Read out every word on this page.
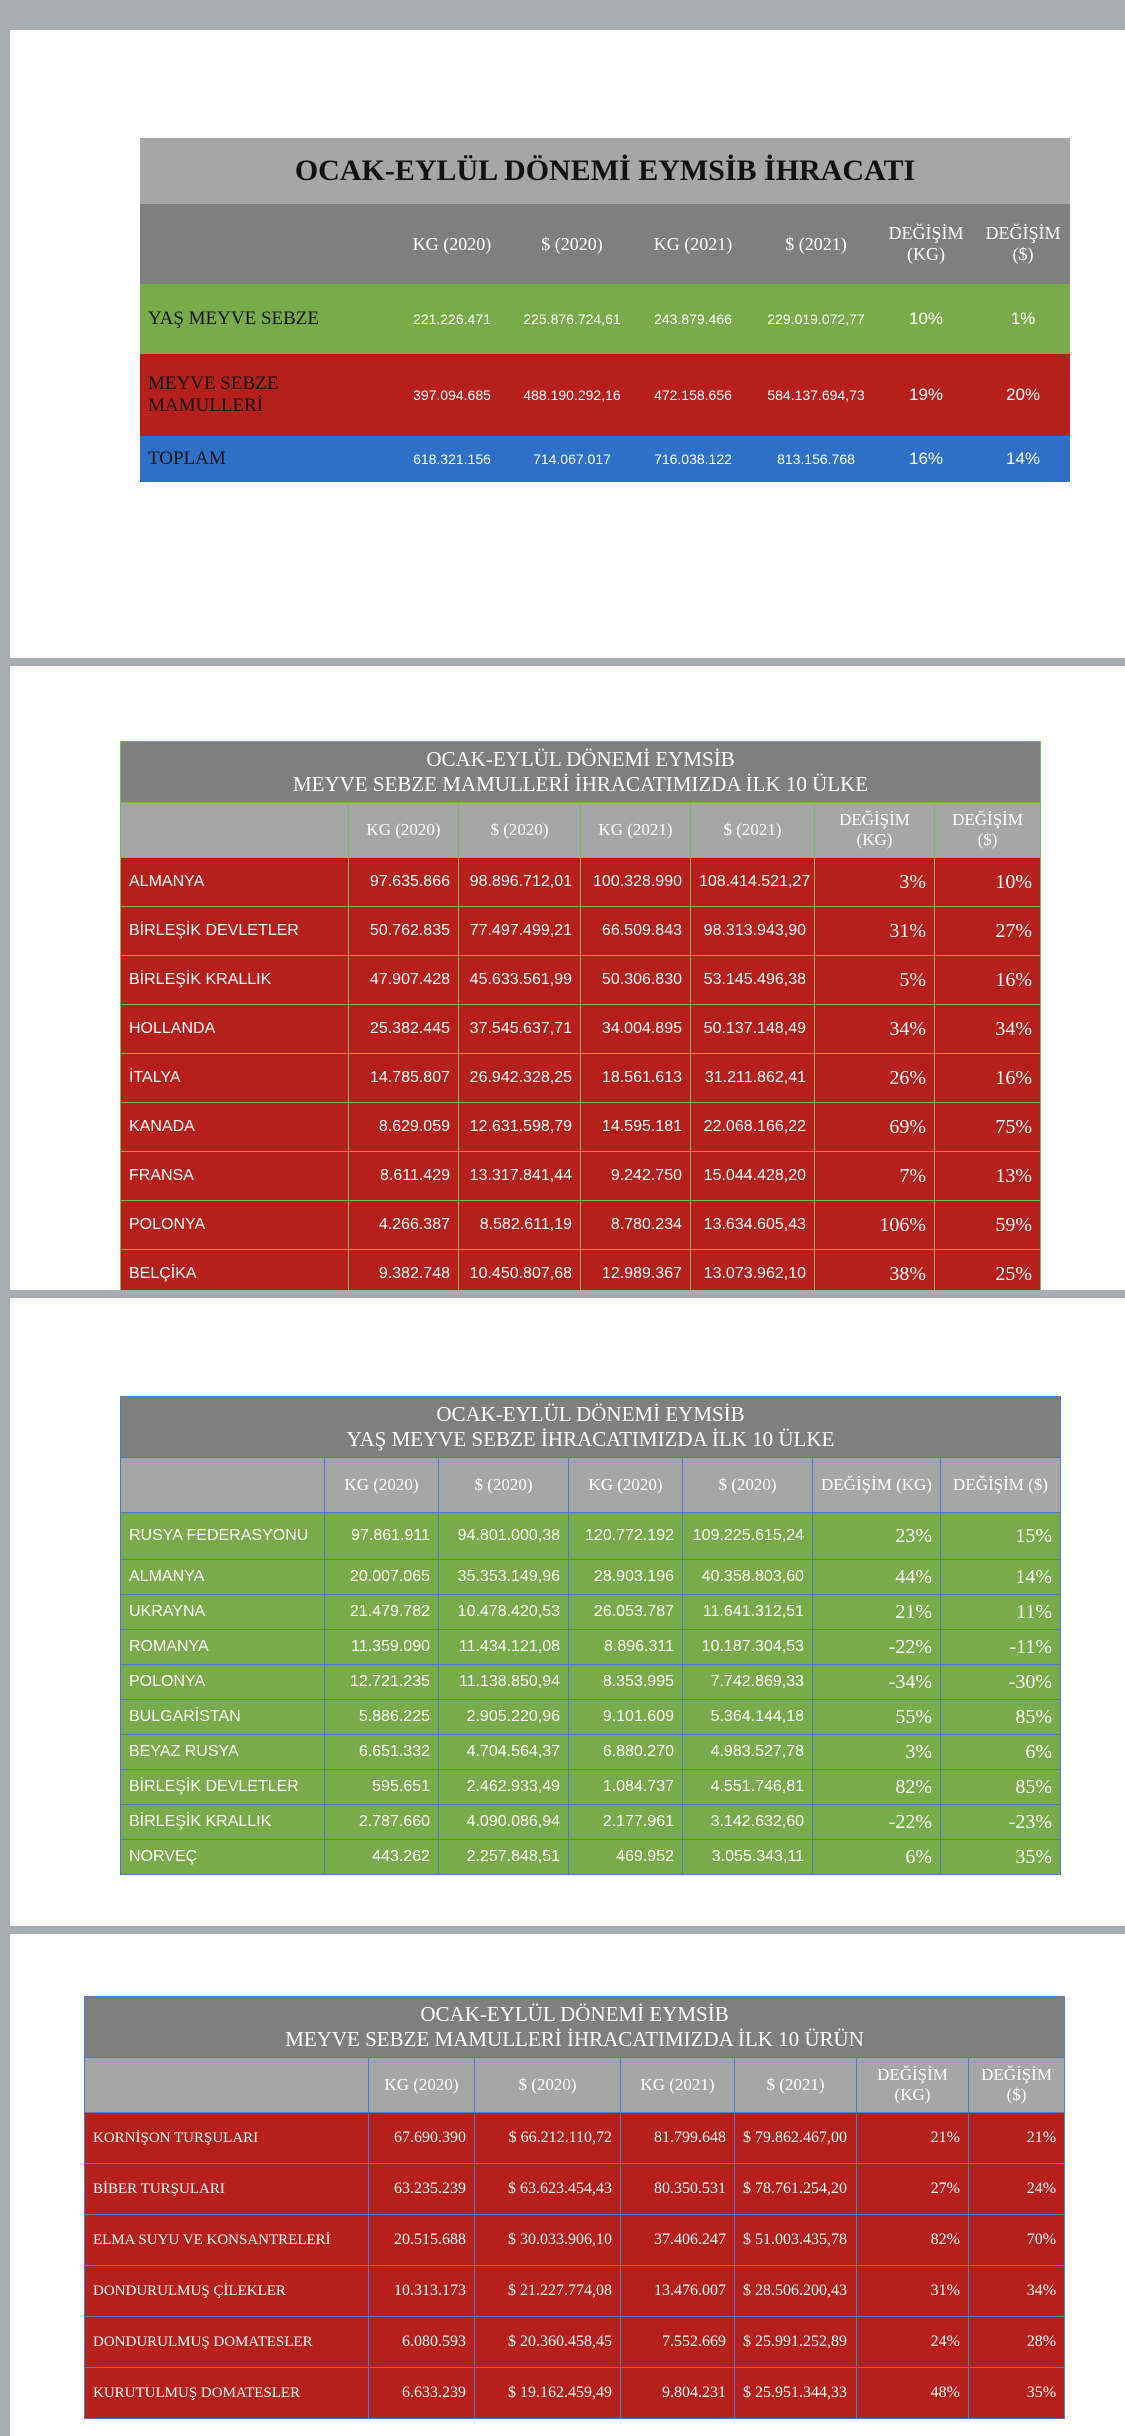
OCAK-EYLÜL DÖNEMİ EYMSİB İHRACATI						
	KG (2020)	$ (2020)	KG (2021)	$ (2021)	DEĞİŞİM (KG)	DEĞİŞİM ($)
YAŞ MEYVE SEBZE	221.226.471	225.876.724,61	243.879.466	229.019.072,77	10%	1%
MEYVE SEBZE MAMULLERİ	397.094.685	488.190.292,16	472.158.656	584.137.694,73	19%	20%
TOPLAM	618.321.156	714.067.017	716.038.122	813.156.768	16%	14%
OCAK-EYLÜL DÖNEMİ EYMSİB
MEYVE SEBZE MAMULLERİ İHRACATIMIZDA İLK 10 ÜLKE						
	KG (2020)	$ (2020)	KG (2021)	$ (2021)	DEĞİŞİM (KG)	DEĞİŞİM ($)
ALMANYA	97.635.866	98.896.712,01	100.328.990	108.414.521,27	3%	10%
BİRLEŞİK DEVLETLER	50.762.835	77.497.499,21	66.509.843	98.313.943,90	31%	27%
BİRLEŞİK KRALLIK	47.907.428	45.633.561,99	50.306.830	53.145.496,38	5%	16%
HOLLANDA	25.382.445	37.545.637,71	34.004.895	50.137.148,49	34%	34%
İTALYA	14.785.807	26.942.328,25	18.561.613	31.211.862,41	26%	16%
KANADA	8.629.059	12.631.598,79	14.595.181	22.068.166,22	69%	75%
FRANSA	8.611.429	13.317.841,44	9.242.750	15.044.428,20	7%	13%
POLONYA	4.266.387	8.582.611,19	8.780.234	13.634.605,43	106%	59%
BELÇİKA	9.382.748	10.450.807,68	12.989.367	13.073.962,10	38%	25%
OCAK-EYLÜL DÖNEMİ EYMSİB
YAŞ MEYVE SEBZE İHRACATIMIZDA İLK 10 ÜLKE						
	KG (2020)	$ (2020)	KG (2020)	$ (2020)	DEĞİŞİM (KG)	DEĞİŞİM ($)
RUSYA FEDERASYONU	97.861.911	94.801.000,38	120.772.192	109.225.615,24	23%	15%
ALMANYA	20.007.065	35.353.149,96	28.903.196	40.358.803,60	44%	14%
UKRAYNA	21.479.782	10.478.420,53	26.053.787	11.641.312,51	21%	11%
ROMANYA	11.359.090	11.434.121,08	8.896.311	10.187.304,53	-22%	-11%
POLONYA	12.721.235	11.138.850,94	8.353.995	7.742.869,33	-34%	-30%
BULGARİSTAN	5.886.225	2.905.220,96	9.101.609	5.364.144,18	55%	85%
BEYAZ RUSYA	6.651.332	4.704.564,37	6.880.270	4.983.527,78	3%	6%
BİRLEŞİK DEVLETLER	595.651	2.462.933,49	1.084.737	4.551.746,81	82%	85%
BİRLEŞİK KRALLIK	2.787.660	4.090.086,94	2.177.961	3.142.632,60	-22%	-23%
NORVEÇ	443.262	2.257.848,51	469.952	3.055.343,11	6%	35%
OCAK-EYLÜL DÖNEMİ EYMSİB
MEYVE SEBZE MAMULLERİ İHRACATIMIZDA İLK 10 ÜRÜN						
	KG (2020)	$ (2020)	KG (2021)	$ (2021)	DEĞİŞİM (KG)	DEĞİŞİM ($)
KORNİŞON TURŞULARI	67.690.390	$ 66.212.110,72	81.799.648	$ 79.862.467,00	21%	21%
BİBER TURŞULARI	63.235.239	$ 63.623.454,43	80.350.531	$ 78.761.254,20	27%	24%
ELMA SUYU VE KONSANTRELERİ	20.515.688	$ 30.033.906,10	37.406.247	$ 51.003.435,78	82%	70%
DONDURULMUŞ ÇİLEKLER	10.313.173	$ 21.227.774,08	13.476.007	$ 28.506.200,43	31%	34%
DONDURULMUŞ DOMATESLER	6.080.593	$ 20.360.458,45	7.552.669	$ 25.991.252,89	24%	28%
KURUTULMUŞ DOMATESLER	6.633.239	$ 19.162.459,49	9.804.231	$ 25.951.344,33	48%	35%
